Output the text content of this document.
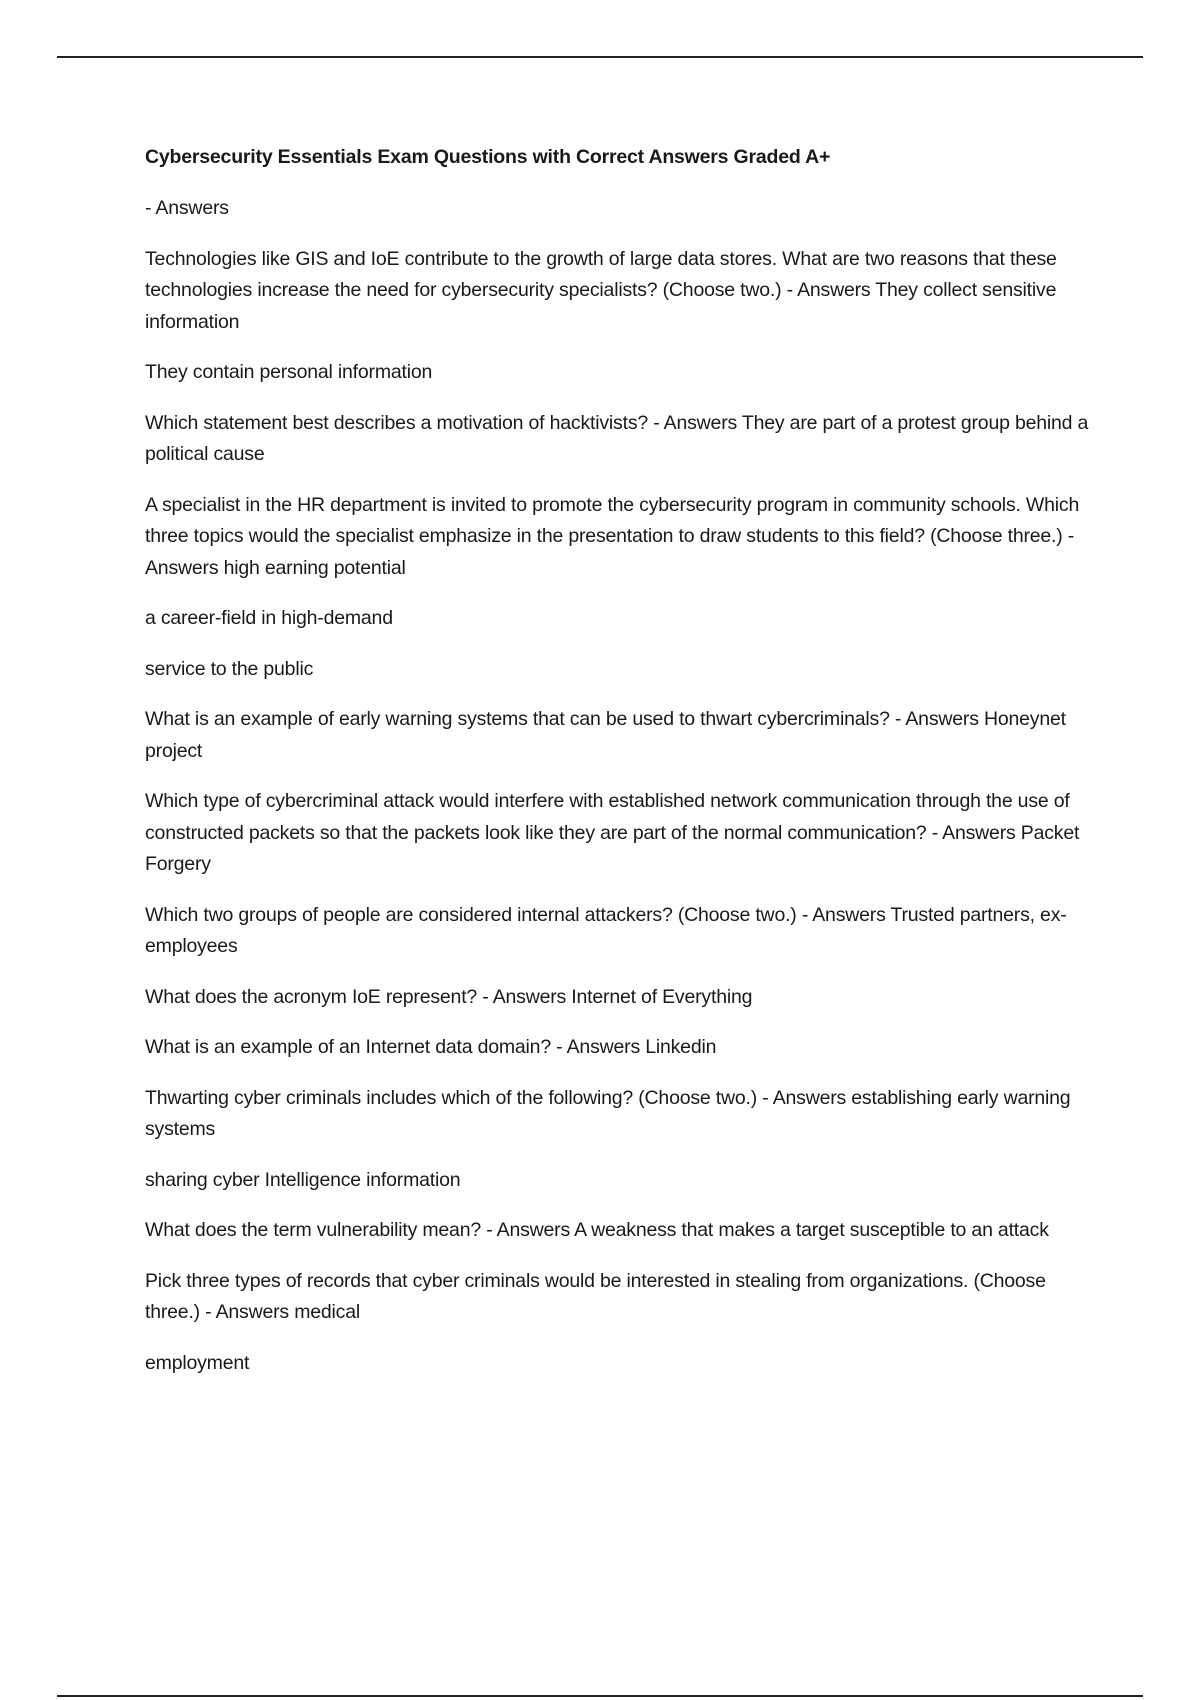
Cybersecurity Essentials Exam Questions with Correct Answers Graded A+
- Answers
Technologies like GIS and IoE contribute to the growth of large data stores. What are two reasons that these technologies increase the need for cybersecurity specialists? (Choose two.) - Answers They collect sensitive information
They contain personal information
Which statement best describes a motivation of hacktivists? - Answers They are part of a protest group behind a political cause
A specialist in the HR department is invited to promote the cybersecurity program in community schools. Which three topics would the specialist emphasize in the presentation to draw students to this field? (Choose three.) - Answers high earning potential
a career-field in high-demand
service to the public
What is an example of early warning systems that can be used to thwart cybercriminals? - Answers Honeynet project
Which type of cybercriminal attack would interfere with established network communication through the use of constructed packets so that the packets look like they are part of the normal communication? - Answers Packet Forgery
Which two groups of people are considered internal attackers? (Choose two.) - Answers Trusted partners, ex-employees
What does the acronym IoE represent? - Answers Internet of Everything
What is an example of an Internet data domain? - Answers Linkedin
Thwarting cyber criminals includes which of the following? (Choose two.) - Answers establishing early warning systems
sharing cyber Intelligence information
What does the term vulnerability mean? - Answers A weakness that makes a target susceptible to an attack
Pick three types of records that cyber criminals would be interested in stealing from organizations. (Choose three.) - Answers medical
employment
